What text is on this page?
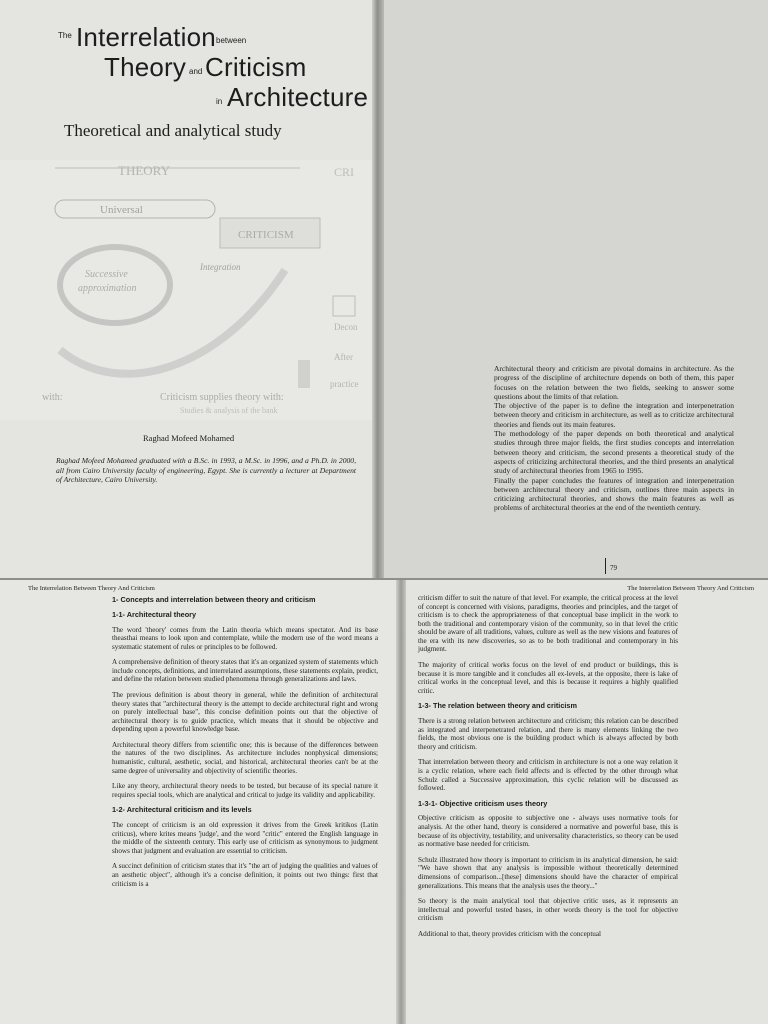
The Interrelation between
Theory and Criticism
in Architecture
Theoretical and analytical study
THEORY	CRI
Universal
CRITICISM
Successive
approximation
Integration
Decon
After
with:	Criticism supplies theory with:
practice
Studies & analysis of the bank
Raghad Mofeed Mohamed
Raghad Mofeed Mohamed graduated with a B.Sc. in 1993, a M.Sc. in 1996, and a Ph.D. in 2000, all from Cairo University faculty of engineering, Egypt. She is currently a lecturer at Department of Architecture, Cairo University.

Architectural theory and criticism are pivotal domains in architecture. As the progress of the discipline of architecture depends on both of them, this paper focuses on the relation between the two fields, seeking to answer some questions about the limits of that relation.

The objective of the paper is to define the integration and interpenetration between theory and criticism in architecture, as well as to criticize architectural theories and fiends out its main features.

The methodology of the paper depends on both theoretical and analytical studies through three major fields, the first studies concepts and interrelation between theory and criticism, the second presents a theoretical study of the aspects of criticizing architectural theories, and the third presents an analytical study of architectural theories from 1965 to 1995.

Finally the paper concludes the features of integration and interpenetration between architectural theory and criticism, outlines three main aspects in criticizing architectural theories, and shows the main features as well as problems of architectural theories at the end of the twentieth century.

79
The Interrelation Between Theory And Criticism
1- Concepts and interrelation between theory and criticism
1-1- Architectural theory

The word 'theory' comes from the Latin theoria which means spectator. And its base theasthai means to look upon and contemplate, while the modern use of the word means a systematic statement of rules or principles to be followed.

A comprehensive definition of theory states that it's an organized system of statements which include concepts, definitions, and interrelated assumptions, these statements explain, predict, and define the relation between studied phenomena through generalizations and laws.

The previous definition is about theory in general, while the definition of architectural theory states that "architectural theory is the attempt to decide architectural right and wrong on purely intellectual base", this concise definition points out that the objective of architectural theory is to guide practice, which means that it should be objective and depending upon a powerful knowledge base.

Architectural theory differs from scientific one; this is because of the differences between the natures of the two disciplines. As architecture includes nonphysical dimensions; humanistic, cultural, aesthetic, social, and historical, architectural theories can't be at the same degree of universality and objectivity of scientific theories.

Like any theory, architectural theory needs to be tested, but because of its special nature it requires special tools, which are analytical and critical to judge its validity and applicability.

1-2- Architectural criticism and its levels

The concept of criticism is an old expression it drives from the Greek kritikos (Latin criticus), where krites means 'judge', and the word "critic" entered the English language in the middle of the sixteenth century. This early use of criticism as synonymous to judgment shows that judgment and evaluation are essential to criticism.

A succinct definition of criticism states that it's "the art of judging the qualities and values of an aesthetic object", although it's a concise definition, it points out two things: first that criticism is a

The Interrelation Between Theory And Criticism

criticism differ to suit the nature of that level. For example, the critical process at the level of concept is concerned with visions, paradigms, theories and principles, and the target of criticism is to check the appropriateness of that conceptual base implicit in the work to both the traditional and contemporary vision of the community, so in that level the critic should be aware of all traditions, values, culture as well as the new visions and features of the era with its new discoveries, so as to be both traditional and contemporary in his judgment.

The majority of critical works focus on the level of end product or buildings, this is because it is more tangible and it concludes all ex-levels, at the opposite, there is lake of critical works in the conceptual level, and this is because it requires a highly qualified critic.

1-3- The relation between theory and criticism

There is a strong relation between architecture and criticism; this relation can be described as integrated and interpenetrated relation, and there is many elements linking the two fields, the most obvious one is the building product which is always affected by both theory and criticism.

That interrelation between theory and criticism in architecture is not a one way relation it is a cyclic relation, where each field affects and is effected by the other through what Schulz called a Successive approximation, this cyclic relation will be discussed as followed.

1-3-1- Objective criticism uses theory

Objective criticism as opposite to subjective one - always uses normative tools for analysis. At the other hand, theory is considered a normative and powerful base, this is because of its objectivity, testability, and universality characteristics, so theory can be used as normative base needed for criticism.

Schulz illustrated how theory is important to criticism in its analytical dimension, he said: "We have shown that any analysis is impossible without theoretically determined dimensions of comparison...[these] dimensions should have the character of empirical generalizations. This means that the analysis uses the theory..."

So theory is the main analytical tool that objective critic uses, as it represents an intellectual and powerful tested bases, in other words theory is the tool for objective criticism

Additional to that, theory provides criticism with the conceptual
